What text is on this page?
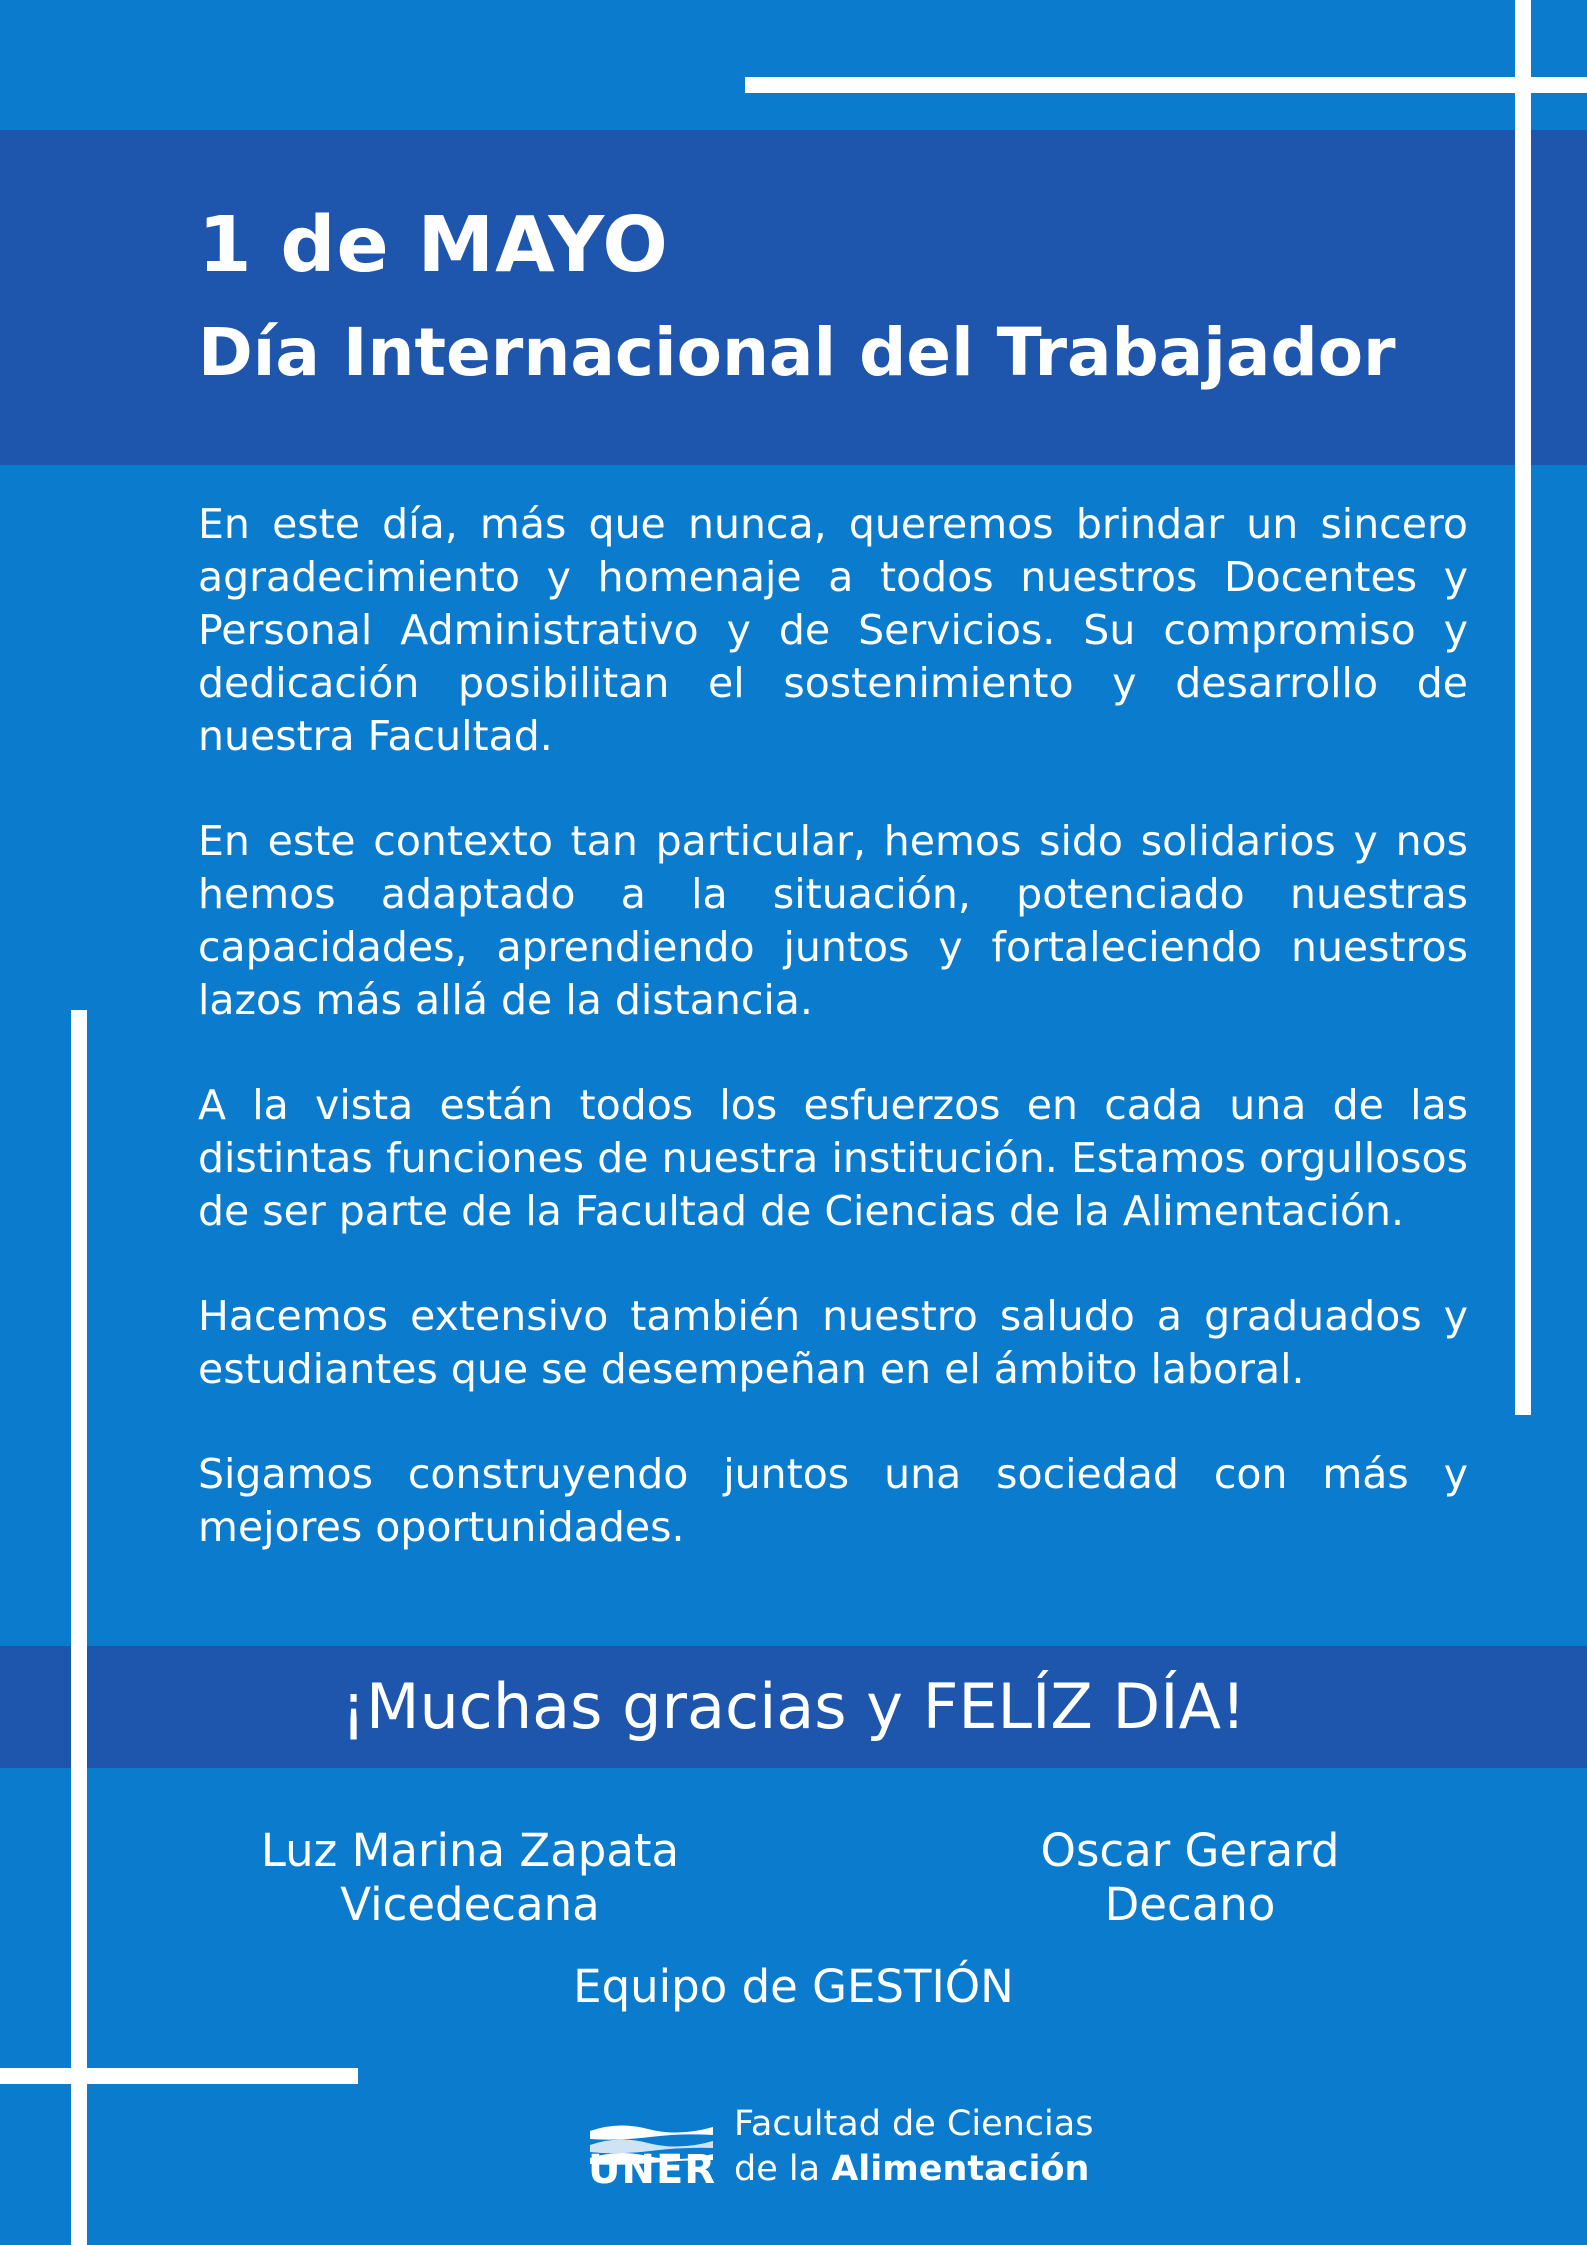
1 de MAYO
Día Internacional del Trabajador

En este día, más que nunca, queremos brindar un sincero agradecimiento y homenaje a todos nuestros Docentes y Personal Administrativo y de Servicios. Su compromiso y dedicación posibilitan el sostenimiento y desarrollo de nuestra Facultad.

En este contexto tan particular, hemos sido solidarios y nos hemos adaptado a la situación, potenciado nuestras capacidades, aprendiendo juntos y fortaleciendo nuestros lazos más allá de la distancia.

A la vista están todos los esfuerzos en cada una de las distintas funciones de nuestra institución. Estamos orgullosos de ser parte de la Facultad de Ciencias de la Alimentación.

Hacemos extensivo también nuestro saludo a graduados y estudiantes que se desempeñan en el ámbito laboral.

Sigamos construyendo juntos una sociedad con más y mejores oportunidades.

¡Muchas gracias y FELÍZ DÍA!

Luz Marina Zapata
Vicedecana
Oscar Gerard
Decano
Equipo de GESTIÓN
UNER
Facultad de Ciencias
de la Alimentación
